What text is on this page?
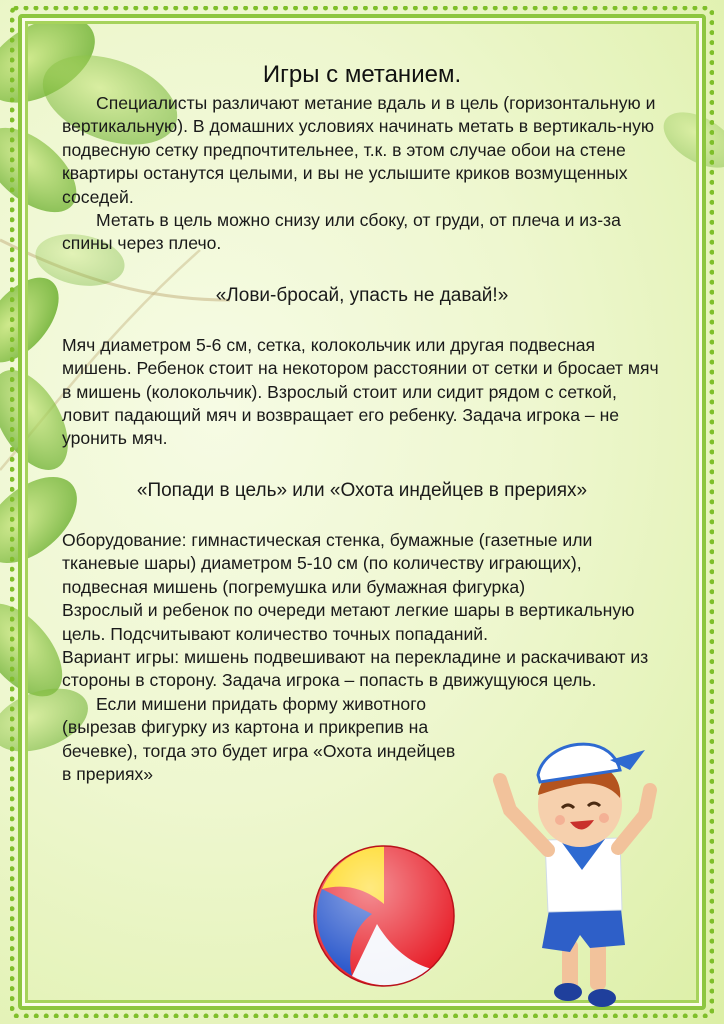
Игры с метанием.

Специалисты различают метание вдаль и в цель (горизонтальную и вертикальную). В домашних условиях начинать метать в вертикаль-ную подвесную сетку предпочтительнее, т.к. в этом случае обои на стене квартиры останутся целыми, и вы не услышите криков возмущенных соседей.

Метать в цель можно снизу или сбоку, от груди, от плеча и из-за спины через плечо.

«Лови-бросай, упасть не давай!»

Мяч диаметром 5-6 см, сетка, колокольчик или другая подвесная мишень. Ребенок стоит на некотором расстоянии от сетки и бросает мяч в мишень (колокольчик). Взрослый стоит или сидит рядом с сеткой, ловит падающий мяч и возвращает его ребенку. Задача игрока – не уронить мяч.

«Попади в цель» или «Охота индейцев в прериях»

Оборудование: гимнастическая стенка, бумажные (газетные или тканевые шары) диаметром 5-10 см (по количеству играющих), подвесная мишень (погремушка или бумажная фигурка)

Взрослый и ребенок по очереди метают легкие шары в вертикальную цель. Подсчитывают количество точных попаданий.

Вариант игры: мишень подвешивают на перекладине и раскачивают из стороны в сторону. Задача игрока – попасть в движущуюся цель.

Если мишени придать форму животного (вырезав фигурку из картона и прикрепив на бечевке), тогда это будет игра «Охота индейцев в прериях»
